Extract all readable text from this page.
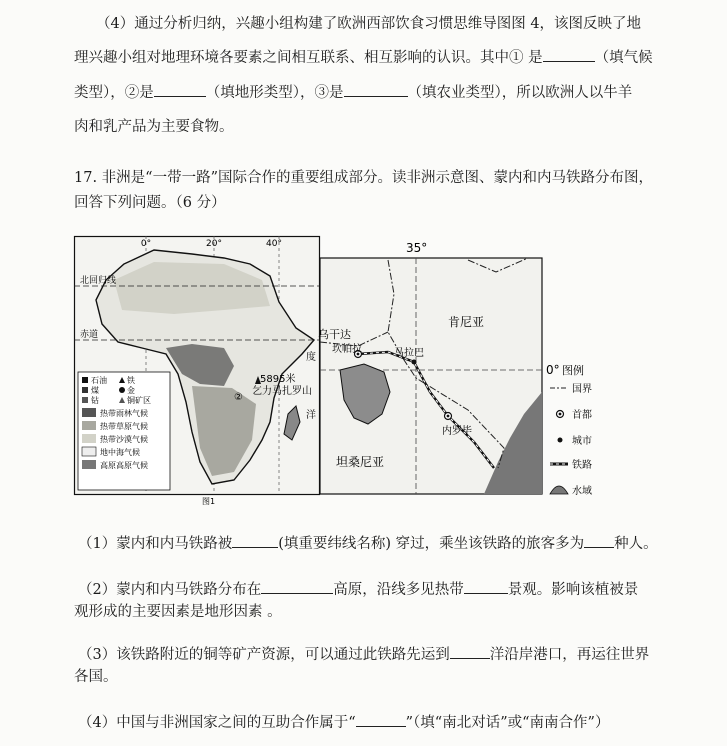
（4）通过分析归纳，兴趣小组构建了欧洲西部饮食习惯思维导图图 4，该图反映了地
理兴趣小组对地理环境各要素之间相互联系、相互影响的认识。其中① 是	（填气候
类型），②是	（填地形类型），③是	（填农业类型），所以欧洲人以牛羊
肉和乳产品为主要食物。
17. 非洲是“一带一路”国际合作的重要组成部分。读非洲示意图、蒙内和内马铁路分布图，
回答下列问题。（6 分）
0°	20°	40°
北回归线
赤道
度
洋
5895米
乞力马扎罗山
②
石油	铁
煤	金
钻	铜矿区
热带雨林气候
热带草原气候
热带沙漠气候
地中海气候
高原高原气候
图1
35°
乌干达
坎帕拉	马拉巴
肯尼亚
内罗毕
坦桑尼亚
0° 图例
国界
首都
城市
铁路
水域
（1）蒙内和内马铁路被	(填重要纬线名称) 穿过，乘坐该铁路的旅客多为 种人。
（2）蒙内和内马铁路分布在	高原，沿线多见热带	景观。影响该植被景
观形成的主要因素是地形因素 。
（3）该铁路附近的铜等矿产资源，可以通过此铁路先运到	洋沿岸港口，再运往世界
各国。
（4）中国与非洲国家之间的互助合作属于“	”（填“南北对话”或“南南合作”）
